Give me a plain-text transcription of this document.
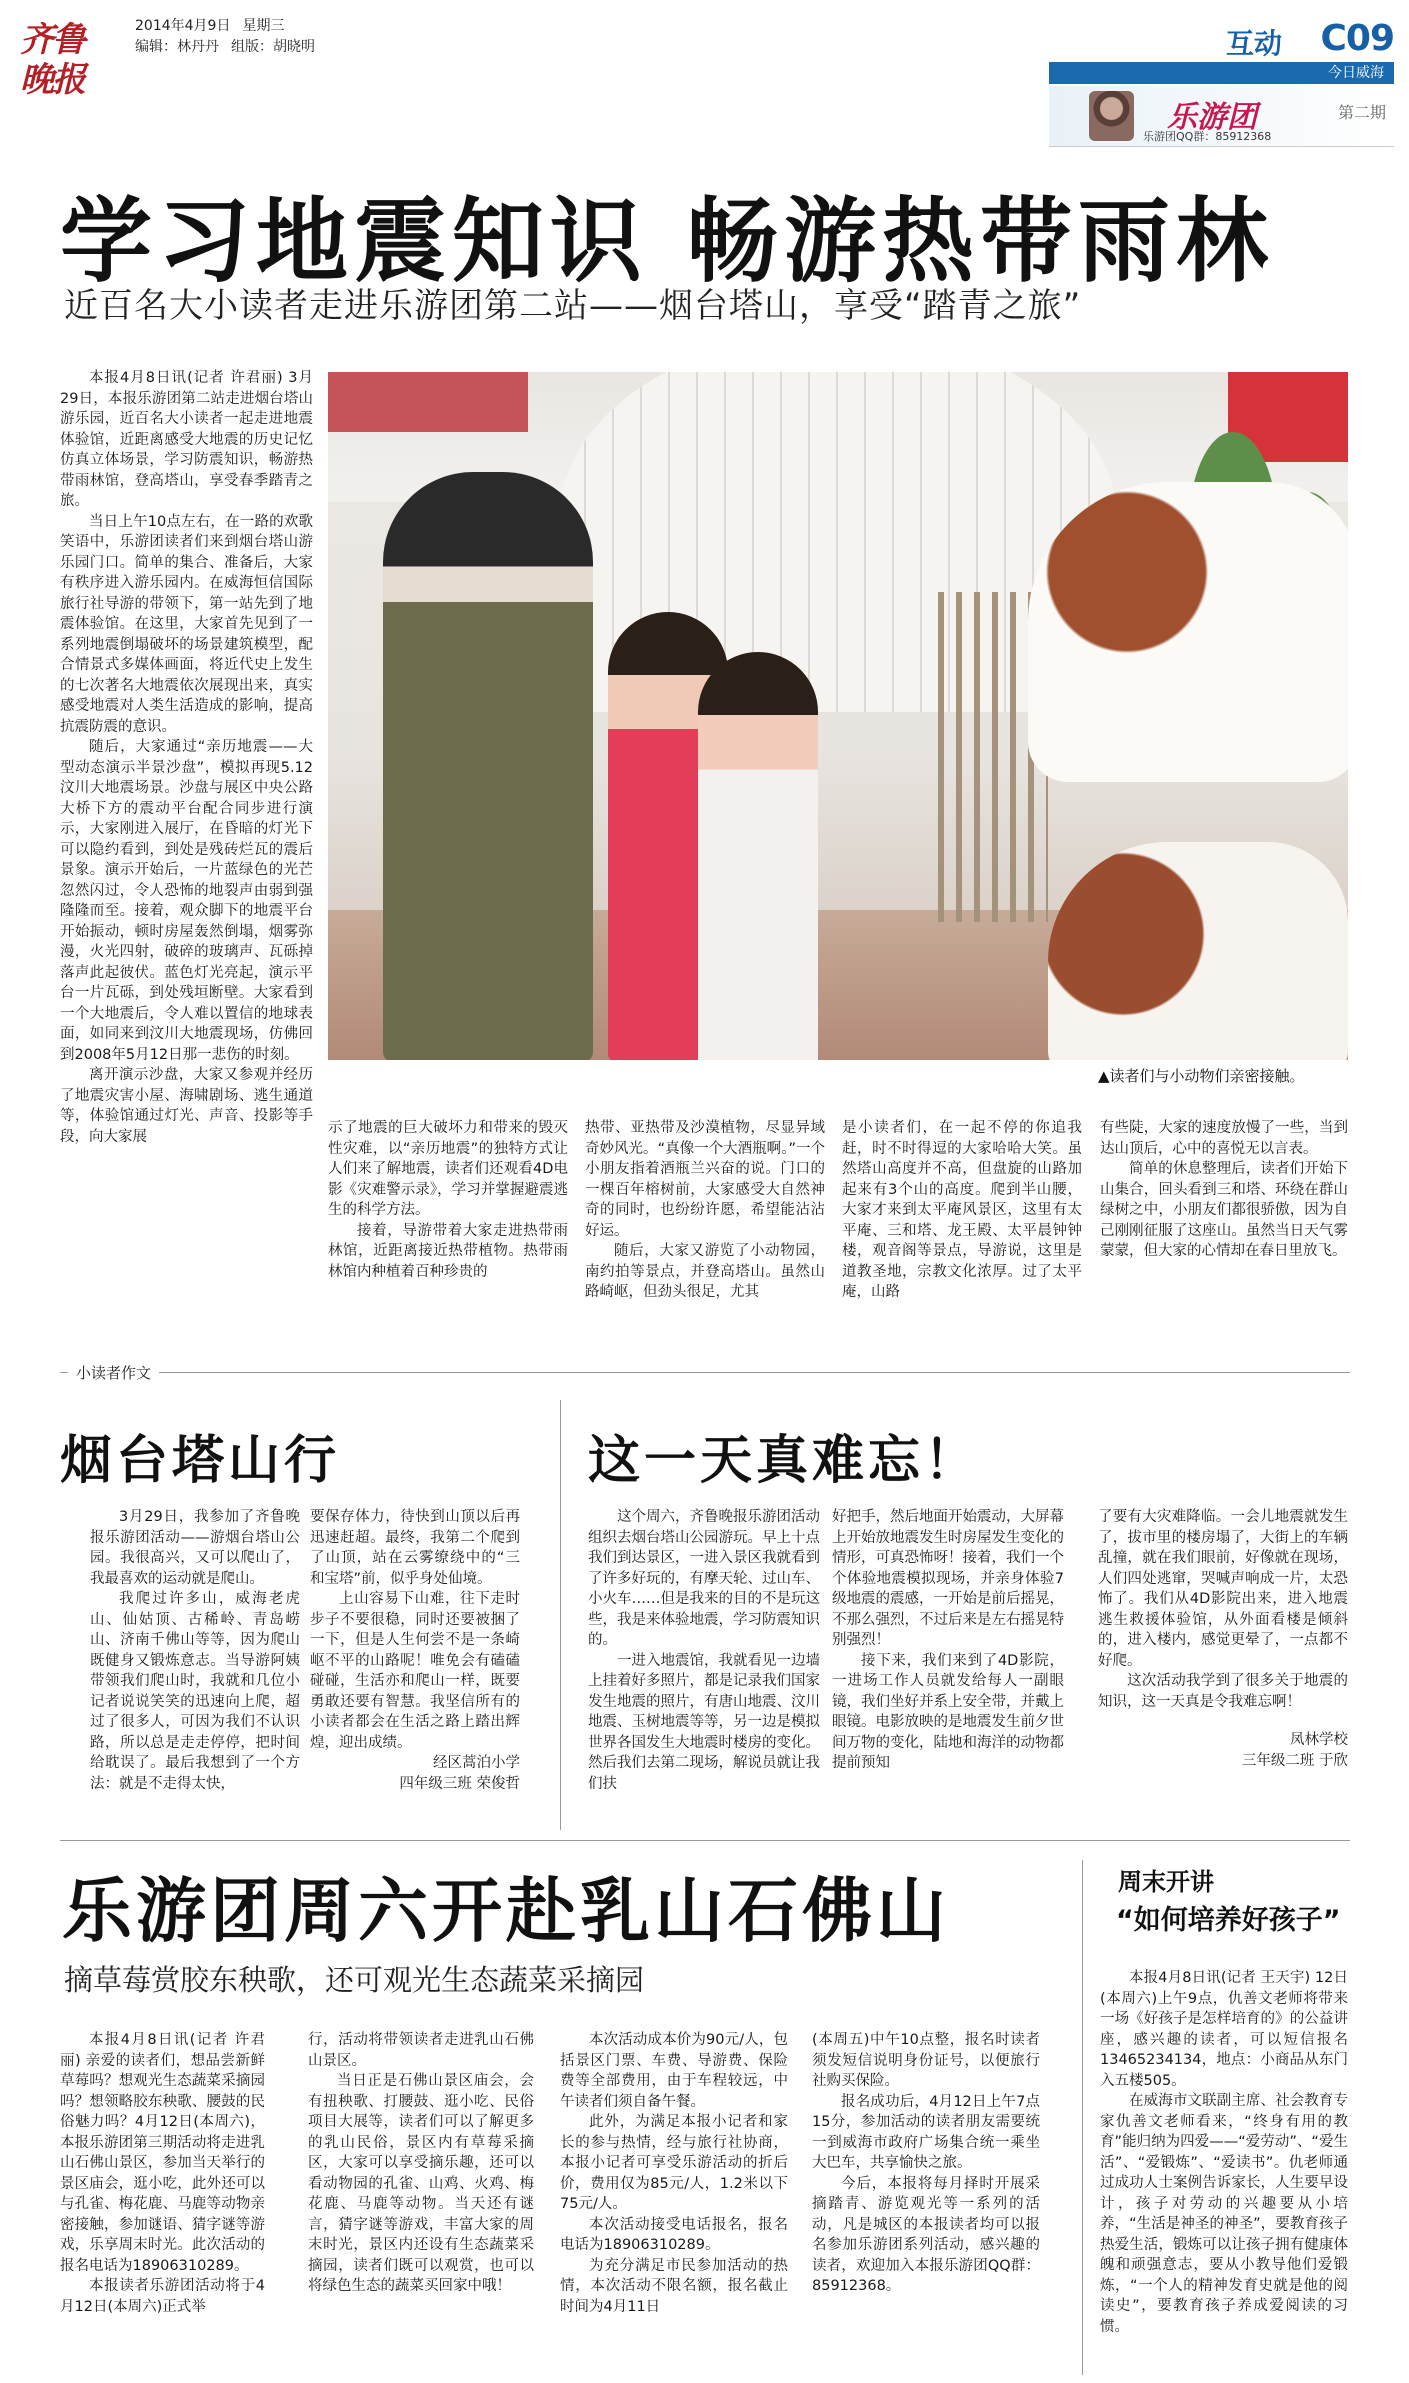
齐鲁晚报
2014年4月9日 星期三
编辑：林丹丹 组版：胡晓明	互动 C09
今日威海
乐游团	第二期
乐游团QQ群：85912368
学习地震知识 畅游热带雨林
近百名大小读者走进乐游团第二站——烟台塔山，享受“踏青之旅”
▲读者们与小动物们亲密接触。

本报4月8日讯(记者 许君丽) 3月29日，本报乐游团第二站走进烟台塔山游乐园，近百名大小读者一起走进地震体验馆，近距离感受大地震的历史记忆仿真立体场景，学习防震知识，畅游热带雨林馆，登高塔山，享受春季踏青之旅。

当日上午10点左右，在一路的欢歌笑语中，乐游团读者们来到烟台塔山游乐园门口。简单的集合、准备后，大家有秩序进入游乐园内。在威海恒信国际旅行社导游的带领下，第一站先到了地震体验馆。在这里，大家首先见到了一系列地震倒塌破坏的场景建筑模型，配合情景式多媒体画面，将近代史上发生的七次著名大地震依次展现出来，真实感受地震对人类生活造成的影响，提高抗震防震的意识。

随后，大家通过“亲历地震——大型动态演示半景沙盘”，模拟再现5.12汶川大地震场景。沙盘与展区中央公路大桥下方的震动平台配合同步进行演示，大家刚进入展厅，在昏暗的灯光下可以隐约看到，到处是残砖烂瓦的震后景象。演示开始后，一片蓝绿色的光芒忽然闪过，令人恐怖的地裂声由弱到强隆隆而至。接着，观众脚下的地震平台开始振动，顿时房屋轰然倒塌，烟雾弥漫，火光四射，破碎的玻璃声、瓦砾掉落声此起彼伏。蓝色灯光亮起，演示平台一片瓦砾，到处残垣断壁。大家看到一个大地震后，令人难以置信的地球表面，如同来到汶川大地震现场，仿佛回到2008年5月12日那一悲伤的时刻。

离开演示沙盘，大家又参观并经历了地震灾害小屋、海啸剧场、逃生通道等，体验馆通过灯光、声音、投影等手段，向大家展

示了地震的巨大破坏力和带来的毁灭性灾难，以“亲历地震”的独特方式让人们来了解地震，读者们还观看4D电影《灾难警示录》，学习并掌握避震逃生的科学方法。

接着，导游带着大家走进热带雨林馆，近距离接近热带植物。热带雨林馆内种植着百种珍贵的

热带、亚热带及沙漠植物，尽显异域奇妙风光。“真像一个大酒瓶啊。”一个小朋友指着酒瓶兰兴奋的说。门口的一棵百年榕树前，大家感受大自然神奇的同时，也纷纷许愿，希望能沾沾好运。

随后，大家又游览了小动物园，南约拍等景点，并登高塔山。虽然山路崎岖，但劲头很足，尤其

是小读者们，在一起不停的你追我赶，时不时得逗的大家哈哈大笑。虽然塔山高度并不高，但盘旋的山路加起来有3个山的高度。爬到半山腰，大家才来到太平庵风景区，这里有太平庵、三和塔、龙王殿、太平晨钟钟楼，观音阁等景点，导游说，这里是道教圣地，宗教文化浓厚。过了太平庵，山路

有些陡，大家的速度放慢了一些，当到达山顶后，心中的喜悦无以言表。

简单的休息整理后，读者们开始下山集合，回头看到三和塔、环绕在群山绿树之中，小朋友们都很骄傲，因为自己刚刚征服了这座山。虽然当日天气雾蒙蒙，但大家的心情却在春日里放飞。

小读者作文
烟台塔山行

3月29日，我参加了齐鲁晚报乐游团活动——游烟台塔山公园。我很高兴，又可以爬山了，我最喜欢的运动就是爬山。

我爬过许多山，威海老虎山、仙姑顶、古稀岭、青岛崂山、济南千佛山等等，因为爬山既健身又锻炼意志。当导游阿姨带领我们爬山时，我就和几位小记者说说笑笑的迅速向上爬，超过了很多人，可因为我们不认识路，所以总是走走停停，把时间给耽误了。最后我想到了一个方法：就是不走得太快，

要保存体力，待快到山顶以后再迅速赶超。最终，我第二个爬到了山顶，站在云雾缭绕中的“三和宝塔”前，似乎身处仙境。

上山容易下山难，往下走时步子不要很稳，同时还要被捆了一下，但是人生何尝不是一条崎岖不平的山路呢！唯免会有磕磕碰碰，生活亦和爬山一样，既要勇敢还要有智慧。我坚信所有的小读者都会在生活之路上踏出辉煌，迎出成绩。

经区蒿泊小学
四年级三班 荣俊哲
这一天真难忘！

这个周六，齐鲁晚报乐游团活动组织去烟台塔山公园游玩。早上十点我们到达景区，一进入景区我就看到了许多好玩的，有摩天轮、过山车、小火车……但是我来的目的不是玩这些，我是来体验地震，学习防震知识的。

一进入地震馆，我就看见一边墙上挂着好多照片，都是记录我们国家发生地震的照片，有唐山地震、汶川地震、玉树地震等等，另一边是模拟世界各国发生大地震时楼房的变化。然后我们去第二现场，解说员就让我们扶

好把手，然后地面开始震动，大屏幕上开始放地震发生时房屋发生变化的情形，可真恐怖呀！接着，我们一个个体验地震模拟现场，并亲身体验7级地震的震感，一开始是前后摇晃，不那么强烈，不过后来是左右摇晃特别强烈！

接下来，我们来到了4D影院，一进场工作人员就发给每人一副眼镜，我们坐好并系上安全带，并戴上眼镜。电影放映的是地震发生前夕世间万物的变化，陆地和海洋的动物都提前预知

了要有大灾难降临。一会儿地震就发生了，拔市里的楼房塌了，大街上的车辆乱撞，就在我们眼前，好像就在现场，人们四处逃窜，哭喊声响成一片，太恐怖了。我们从4D影院出来，进入地震逃生救援体验馆，从外面看楼是倾斜的，进入楼内，感觉更晕了，一点都不好爬。

这次活动我学到了很多关于地震的知识，这一天真是令我难忘啊！

凤林学校
三年级二班 于欣
乐游团周六开赴乳山石佛山
摘草莓赏胶东秧歌，还可观光生态蔬菜采摘园

本报4月8日讯(记者 许君丽) 亲爱的读者们，想品尝新鲜草莓吗？想观光生态蔬菜采摘园吗？想领略胶东秧歌、腰鼓的民俗魅力吗？4月12日(本周六)，本报乐游团第三期活动将走进乳山石佛山景区，参加当天举行的景区庙会，逛小吃，此外还可以与孔雀、梅花鹿、马鹿等动物亲密接触，参加谜语、猜字谜等游戏，乐享周末时光。此次活动的报名电话为18906310289。

本报读者乐游团活动将于4月12日(本周六)正式举

行，活动将带领读者走进乳山石佛山景区。

当日正是石佛山景区庙会，会有扭秧歌、打腰鼓、逛小吃、民俗项目大展等，读者们可以了解更多的乳山民俗，景区内有草莓采摘区，大家可以享受摘乐趣，还可以看动物园的孔雀、山鸡、火鸡、梅花鹿、马鹿等动物。当天还有谜言，猜字谜等游戏，丰富大家的周末时光，景区内还设有生态蔬菜采摘园，读者们既可以观赏，也可以将绿色生态的蔬菜买回家中哦！

本次活动成本价为90元/人，包括景区门票、车费、导游费、保险费等全部费用，由于车程较远，中午读者们须自备午餐。

此外，为满足本报小记者和家长的参与热情，经与旅行社协商，本报小记者可享受乐游活动的折后价，费用仅为85元/人，1.2米以下75元/人。

本次活动接受电话报名，报名电话为18906310289。

为充分满足市民参加活动的热情，本次活动不限名额，报名截止时间为4月11日

(本周五)中午10点整，报名时读者须发短信说明身份证号，以便旅行社购买保险。

报名成功后，4月12日上午7点15分，参加活动的读者朋友需要统一到威海市政府广场集合统一乘坐大巴车，共享愉快之旅。

今后，本报将每月择时开展采摘踏青、游览观光等一系列的活动，凡是城区的本报读者均可以报名参加乐游团系列活动，感兴趣的读者，欢迎加入本报乐游团QQ群：85912368。

周末开讲
“如何培养好孩子”

本报4月8日讯(记者 王天宇) 12日(本周六)上午9点，仇善文老师将带来一场《好孩子是怎样培育的》的公益讲座，感兴趣的读者，可以短信报名13465234134，地点：小商品从东门入五楼505。

在威海市文联副主席、社会教育专家仇善文老师看来，“终身有用的教育”能归纳为四爱——“爱劳动”、“爱生活”、“爱锻炼”、“爱读书”。仇老师通过成功人士案例告诉家长，人生要早设计，孩子对劳动的兴趣要从小培养，“生活是神圣的神圣”，要教育孩子热爱生活，锻炼可以让孩子拥有健康体魄和顽强意志，要从小教导他们爱锻炼，“一个人的精神发育史就是他的阅读史”，要教育孩子养成爱阅读的习惯。
